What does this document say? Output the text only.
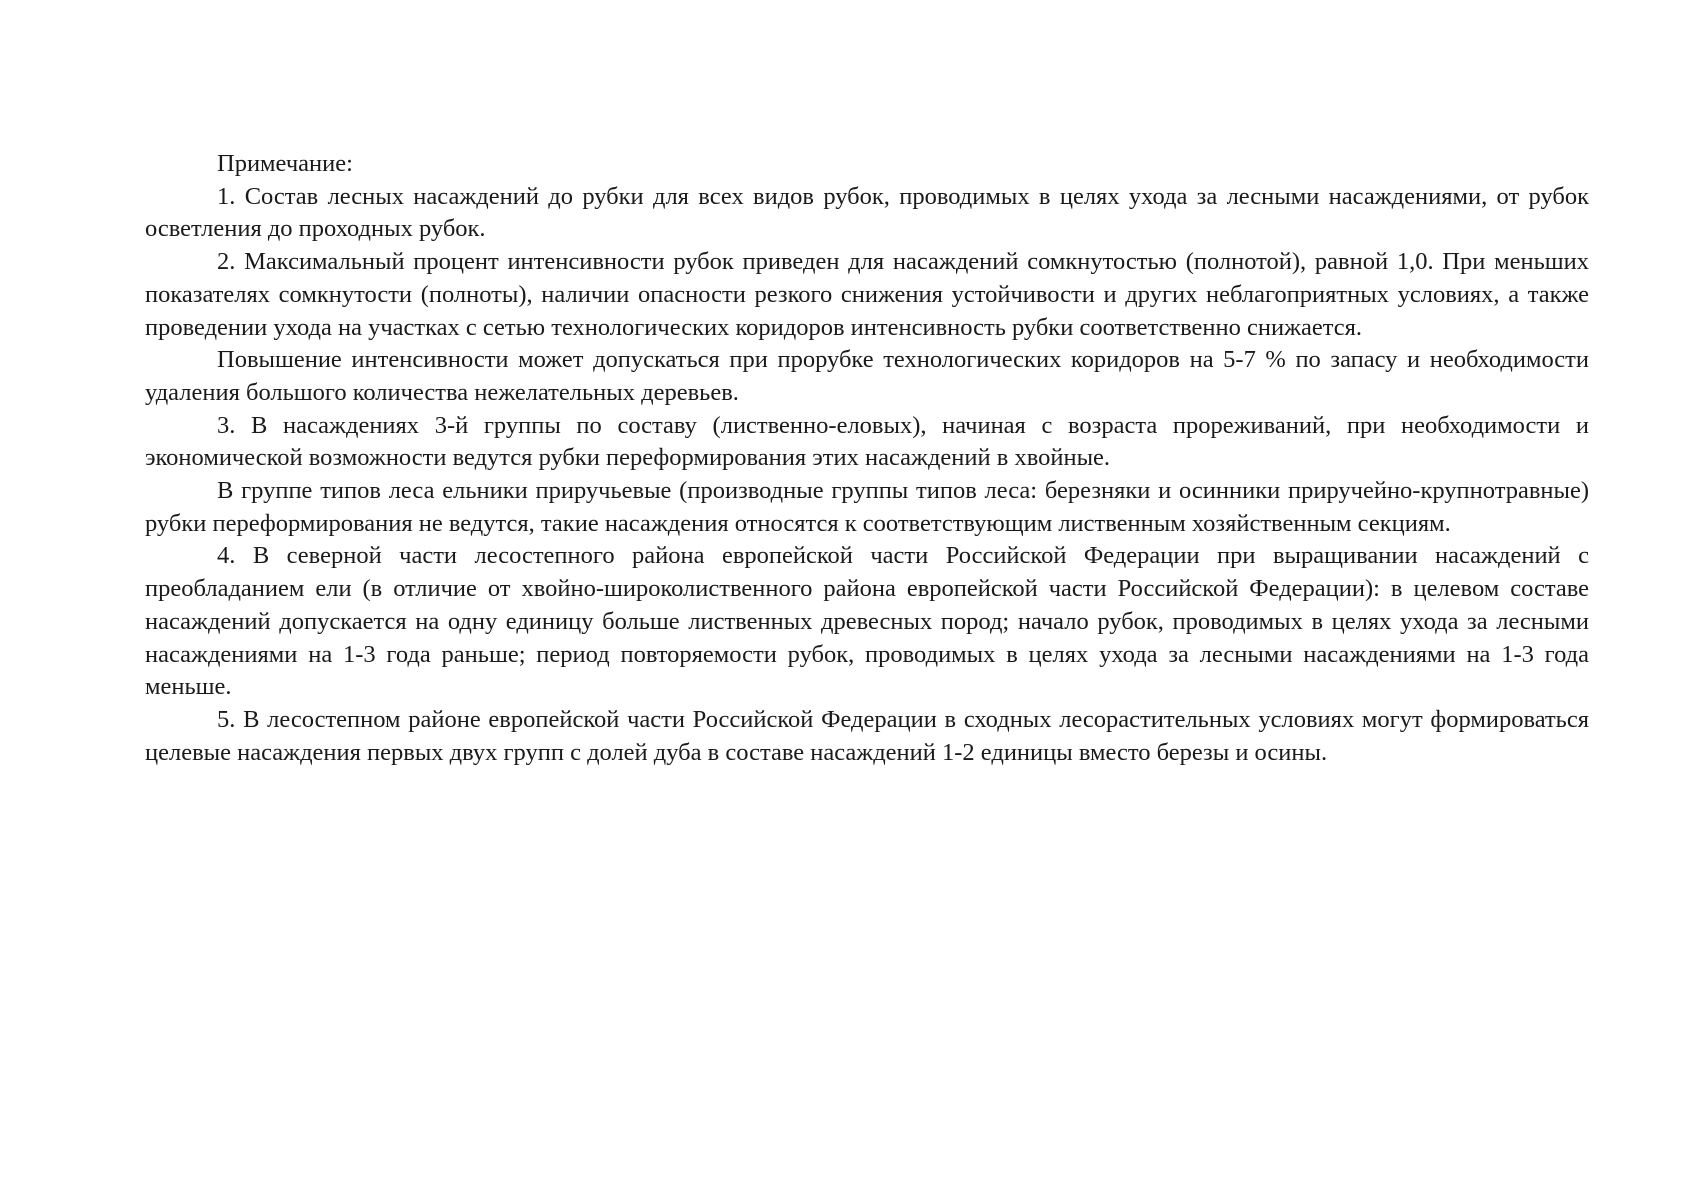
Примечание:

1. Состав лесных насаждений до рубки для всех видов рубок, проводимых в целях ухода за лесными насаждениями, от рубок осветления до проходных рубок.

2. Максимальный процент интенсивности рубок приведен для насаждений сомкнутостью (полнотой), равной 1,0. При меньших показателях сомкнутости (полноты), наличии опасности резкого снижения устойчивости и других неблагоприятных условиях, а также проведении ухода на участках с сетью технологических коридоров интенсивность рубки соответственно снижается.

Повышение интенсивности может допускаться при прорубке технологических коридоров на 5-7 % по запасу и необходимости удаления большого количества нежелательных деревьев.

3. В насаждениях 3-й группы по составу (лиственно-еловых), начиная с возраста прореживаний, при необходимости и экономической возможности ведутся рубки переформирования этих насаждений в хвойные.

В группе типов леса ельники приручьевые (производные группы типов леса: березняки и осинники приручейно-крупнотравные) рубки переформирования не ведутся, такие насаждения относятся к соответствующим лиственным хозяйственным секциям.

4. В северной части лесостепного района европейской части Российской Федерации при выращивании насаждений с преобладанием ели (в отличие от хвойно-широколиственного района европейской части Российской Федерации): в целевом составе насаждений допускается на одну единицу больше лиственных древесных пород; начало рубок, проводимых в целях ухода за лесными насаждениями на 1-3 года раньше; период повторяемости рубок, проводимых в целях ухода за лесными насаждениями на 1-3 года меньше.

5. В лесостепном районе европейской части Российской Федерации в сходных лесорастительных условиях могут формироваться целевые насаждения первых двух групп с долей дуба в составе насаждений 1-2 единицы вместо березы и осины.
